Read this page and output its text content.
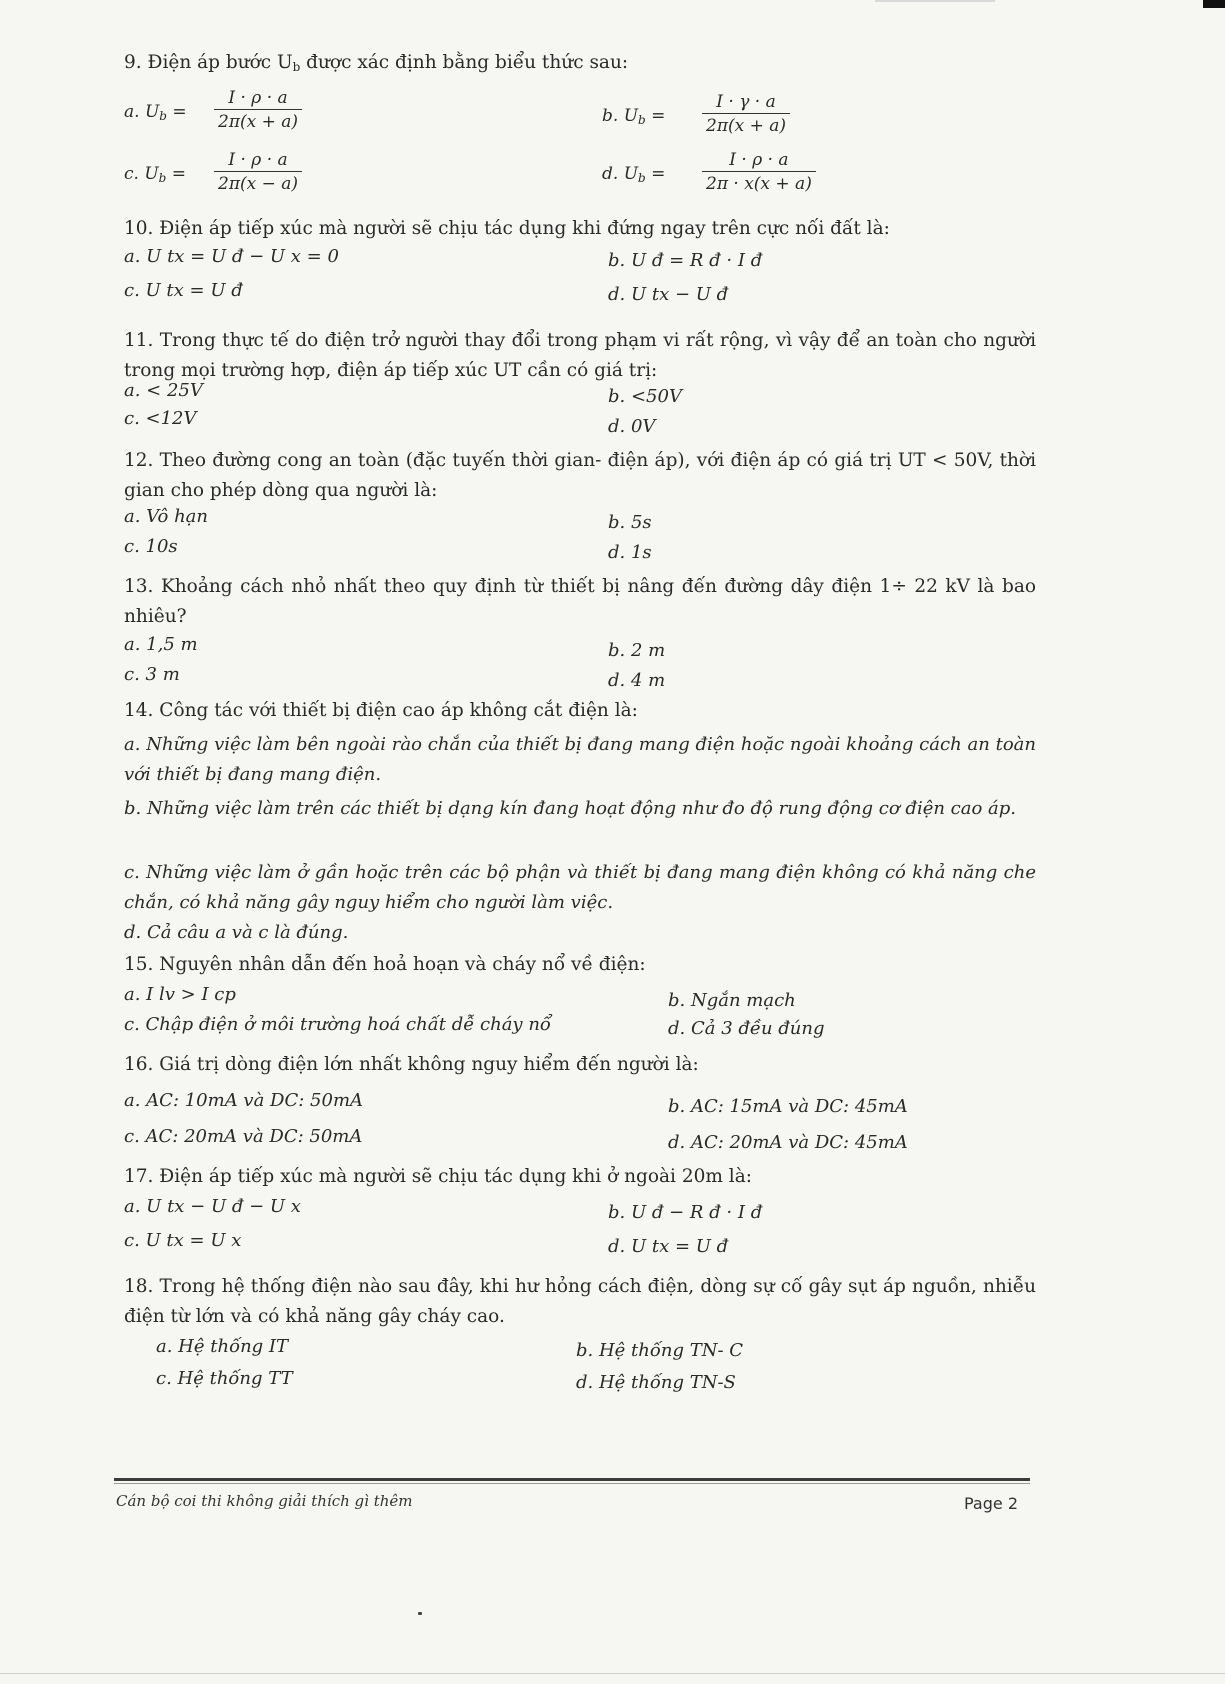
9. Điện áp bước $U_b$ được xác định bằng biểu thức sau:
a. $U_b = \frac{I \cdot \rho \cdot a}{2\pi(x + a)}$	b. $U_b = \frac{I \cdot \gamma \cdot a}{2\pi(x + a)}$
c. $U_b = \frac{I \cdot \rho \cdot a}{2\pi(x - a)}$	d. $U_b = \frac{I \cdot \rho \cdot a}{2\pi \cdot x(x + a)}$
10. Điện áp tiếp xúc mà người sẽ chịu tác dụng khi đứng ngay trên cực nối đất là:
a. U tx = U đ − U x = 0	b. U đ = R đ · I đ
c. U tx = U đ	d. U tx − U đ
11. Trong thực tế do điện trở người thay đổi trong phạm vi rất rộng, vì vậy để an toàn cho người trong mọi trường hợp, điện áp tiếp xúc UT cần có giá trị:
a. < 25V	b. <50V
c. <12V	d. 0V
12. Theo đường cong an toàn (đặc tuyến thời gian- điện áp), với điện áp có giá trị UT < 50V, thời gian cho phép dòng qua người là:
a. Vô hạn	b. 5s
c. 10s	d. 1s
13. Khoảng cách nhỏ nhất theo quy định từ thiết bị nâng đến đường dây điện 1÷ 22 kV là bao nhiêu?
a. 1,5 m	b. 2 m
c. 3 m	d. 4 m
14. Công tác với thiết bị điện cao áp không cắt điện là:
a. Những việc làm bên ngoài rào chắn của thiết bị đang mang điện hoặc ngoài khoảng cách an toàn với thiết bị đang mang điện.
b. Những việc làm trên các thiết bị dạng kín đang hoạt động như đo độ rung động cơ điện cao áp.
c. Những việc làm ở gần hoặc trên các bộ phận và thiết bị đang mang điện không có khả năng che chắn, có khả năng gây nguy hiểm cho người làm việc.
d. Cả câu a và c là đúng.
15. Nguyên nhân dẫn đến hoả hoạn và cháy nổ về điện:
a. I lv > I cp	b. Ngắn mạch
c. Chập điện ở môi trường hoá chất dễ cháy nổ	d. Cả 3 đều đúng
16. Giá trị dòng điện lớn nhất không nguy hiểm đến người là:
a. AC: 10mA và DC: 50mA	b. AC: 15mA và DC: 45mA
c. AC: 20mA và DC: 50mA	d. AC: 20mA và DC: 45mA
17. Điện áp tiếp xúc mà người sẽ chịu tác dụng khi ở ngoài 20m là:
a. U tx − U đ − U x	b. U đ − R đ · I đ
c. U tx = U x	d. U tx = U đ
18. Trong hệ thống điện nào sau đây, khi hư hỏng cách điện, dòng sự cố gây sụt áp nguồn, nhiễu điện từ lớn và có khả năng gây cháy cao.
a. Hệ thống IT	b. Hệ thống TN- C
c. Hệ thống TT	d. Hệ thống TN-S
Cán bộ coi thi không giải thích gì thêm	Page 2
